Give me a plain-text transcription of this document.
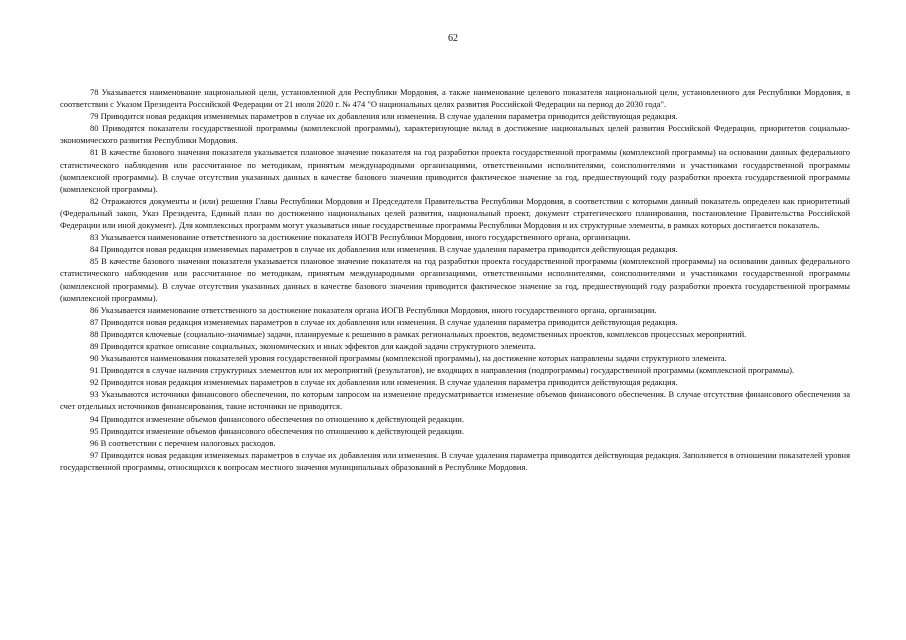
62

78 Указывается наименование национальной цели, установленной для Республики Мордовия, а также наименование целевого показателя национальной цели, установленного для Республики Мордовия, в соответствии с Указом Президента Российской Федерации от 21 июля 2020 г. № 474 "О национальных целях развития Российской Федерации на период до 2030 года".

79 Приводится новая редакция изменяемых параметров в случае их добавления или изменения. В случае удаления параметра приводится действующая редакция.

80 Приводятся показатели государственной программы (комплексной программы), характеризующие вклад в достижение национальных целей развития Российской Федерации, приоритетов социально-экономического развития Республики Мордовия.

81 В качестве базового значения показателя указывается плановое значение показателя на год разработки проекта государственной программы (комплексной программы) на основании данных федерального статистического наблюдения или рассчитанное по методикам, принятым международными организациями, ответственными исполнителями, соисполнителями и участниками государственной программы (комплексной программы). В случае отсутствия указанных данных в качестве базового значения приводится фактическое значение за год, предшествующий году разработки проекта государственной программы (комплексной программы).

82 Отражаются документы и (или) решения Главы Республики Мордовия и Председателя Правительства Республики Мордовия, в соответствии с которыми данный показатель определен как приоритетный (Федеральный закон, Указ Президента, Единый план по достижению национальных целей развития, национальный проект, документ стратегического планирования, постановление Правительства Российской Федерации или иной документ). Для комплексных программ могут указываться иные государственные программы Республики Мордовия и их структурные элементы, в рамках которых достигается показатель.

83 Указывается наименование ответственного за достижение показателя ИОГВ Республики Мордовия, иного государственного органа, организации.

84 Приводится новая редакция изменяемых параметров в случае их добавления или изменения. В случае удаления параметра приводится действующая редакция.

85 В качестве базового значения показателя указывается плановое значение показателя на год разработки проекта государственной программы (комплексной программы) на основании данных федерального статистического наблюдения или рассчитанное по методикам, принятым международными организациями, ответственными исполнителями, соисполнителями и участниками государственной программы (комплексной программы). В случае отсутствия указанных данных в качестве базового значения приводится фактическое значение за год, предшествующий году разработки проекта государственной программы (комплексной программы).

86 Указывается наименование ответственного за достижение показателя органа ИОГВ Республики Мордовия, иного государственного органа, организации.

87 Приводится новая редакция изменяемых параметров в случае их добавления или изменения. В случае удаления параметра приводится действующая редакция.

88 Приводятся ключевые (социально-значимые) задачи, планируемые к решению в рамках региональных проектов, ведомственных проектов, комплексов процессных мероприятий.

89 Приводится краткое описание социальных, экономических и иных эффектов для каждой задачи структурного элемента.

90 Указываются наименования показателей уровня государственной программы (комплексной программы), на достижение которых направлены задачи структурного элемента.

91 Приводится в случае наличия структурных элементов или их мероприятий (результатов), не входящих в направления (подпрограммы) государственной программы (комплексной программы).

92 Приводится новая редакция изменяемых параметров в случае их добавления или изменения. В случае удаления параметра приводится действующая редакция.

93 Указываются источники финансового обеспечения, по которым запросом на изменение предусматривается изменение объемов финансового обеспечения. В случае отсутствия финансового обеспечения за счет отдельных источников финансирования, такие источники не приводятся.

94 Приводится изменение объемов финансового обеспечения по отношению к действующей редакции.

95 Приводится изменение объемов финансового обеспечения по отношению к действующей редакции.

96 В соответствии с перечнем налоговых расходов.

97 Приводится новая редакция изменяемых параметров в случае их добавления или изменения. В случае удаления параметра приводится действующая редакция. Заполняется в отношении показателей уровня государственной программы, относящихся к вопросам местного значения муниципальных образований в Республике Мордовия.
